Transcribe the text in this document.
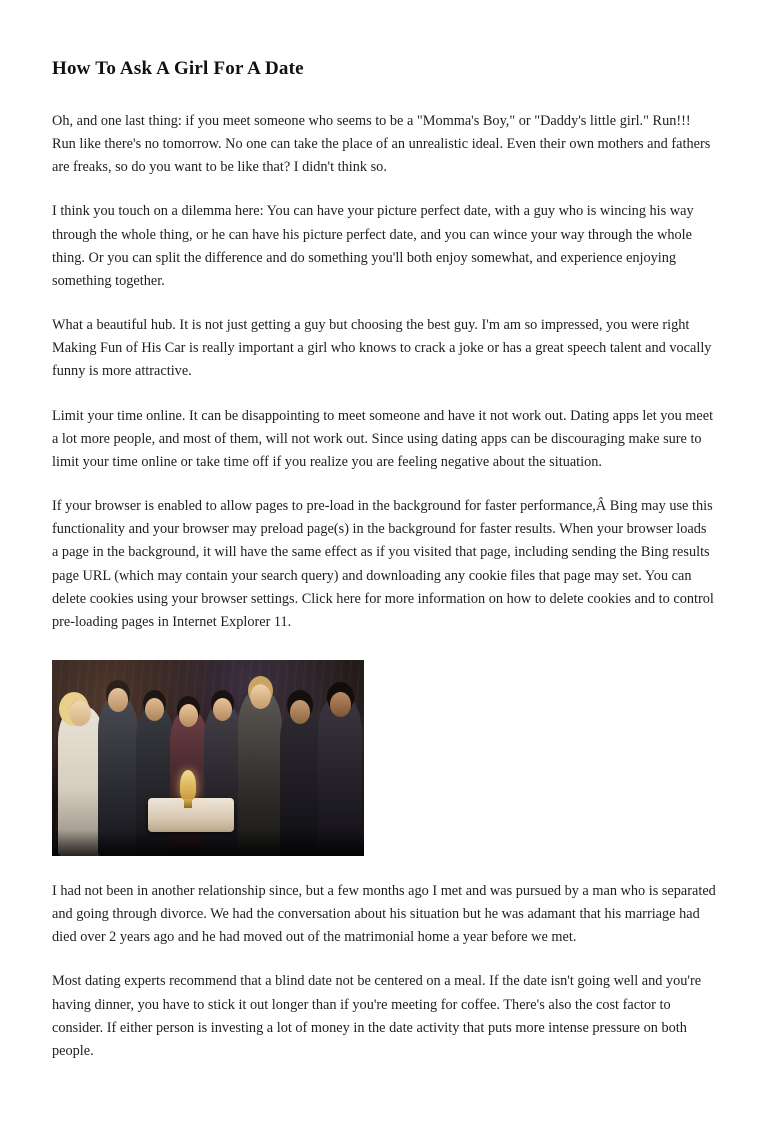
How To Ask A Girl For A Date

Oh, and one last thing: if you meet someone who seems to be a "Momma's Boy," or "Daddy's little girl." Run!!! Run like there's no tomorrow. No one can take the place of an unrealistic ideal. Even their own mothers and fathers are freaks, so do you want to be like that? I didn't think so.

I think you touch on a dilemma here: You can have your picture perfect date, with a guy who is wincing his way through the whole thing, or he can have his picture perfect date, and you can wince your way through the whole thing. Or you can split the difference and do something you'll both enjoy somewhat, and experience enjoying something together.

What a beautiful hub. It is not just getting a guy but choosing the best guy. I'm am so impressed, you were right Making Fun of His Car is really important a girl who knows to crack a joke or has a great speech talent and vocally funny is more attractive.

Limit your time online. It can be disappointing to meet someone and have it not work out. Dating apps let you meet a lot more people, and most of them, will not work out. Since using dating apps can be discouraging make sure to limit your time online or take time off if you realize you are feeling negative about the situation.

If your browser is enabled to allow pages to pre-load in the background for faster performance,Â Bing may use this functionality and your browser may preload page(s) in the background for faster results. When your browser loads a page in the background, it will have the same effect as if you visited that page, including sending the Bing results page URL (which may contain your search query) and downloading any cookie files that page may set. You can delete cookies using your browser settings. Click here for more information on how to delete cookies and to control pre-loading pages in Internet Explorer 11.

I had not been in another relationship since, but a few months ago I met and was pursued by a man who is separated and going through divorce. We had the conversation about his situation but he was adamant that his marriage had died over 2 years ago and he had moved out of the matrimonial home a year before we met.

Most dating experts recommend that a blind date not be centered on a meal. If the date isn't going well and you're having dinner, you have to stick it out longer than if you're meeting for coffee. There's also the cost factor to consider. If either person is investing a lot of money in the date activity that puts more intense pressure on both people.
